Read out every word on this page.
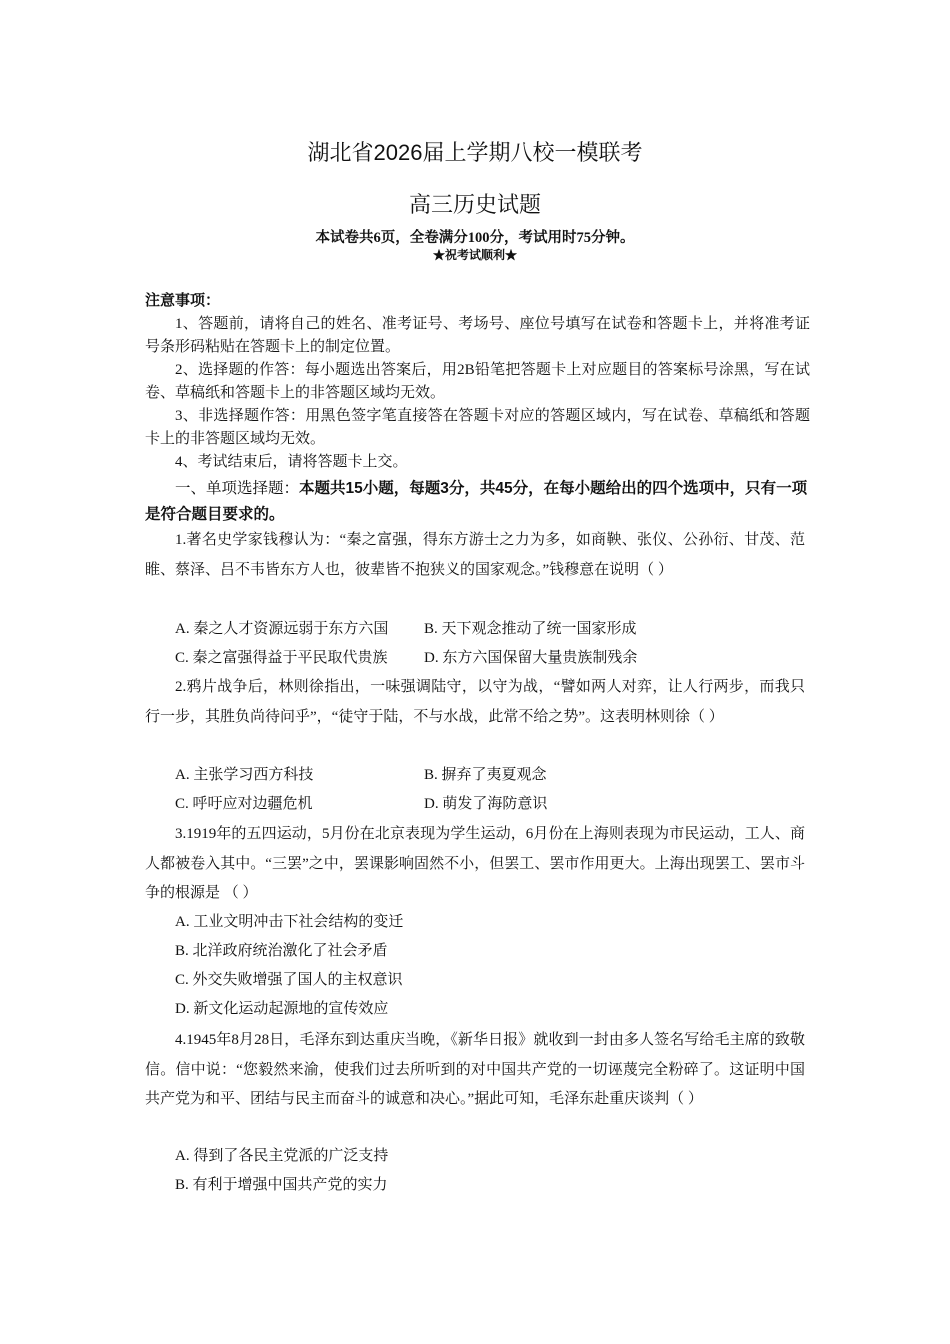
湖北省2026届上学期八校一模联考
高三历史试题
本试卷共6页，全卷满分100分，考试用时75分钟。
★祝考试顺利★
注意事项：

1、答题前，请将自己的姓名、准考证号、考场号、座位号填写在试卷和答题卡上，并将准考证号条形码粘贴在答题卡上的制定位置。

2、选择题的作答：每小题选出答案后，用2B铅笔把答题卡上对应题目的答案标号涂黑，写在试卷、草稿纸和答题卡上的非答题区域均无效。

3、非选择题作答：用黑色签字笔直接答在答题卡对应的答题区域内，写在试卷、草稿纸和答题卡上的非答题区域均无效。

4、考试结束后，请将答题卡上交。

一、单项选择题：本题共15小题，每题3分，共45分，在每小题给出的四个选项中，只有一项是符合题目要求的。

1.著名史学家钱穆认为：“秦之富强，得东方游士之力为多，如商鞅、张仪、公孙衍、甘茂、范睢、蔡泽、吕不韦皆东方人也，彼辈皆不抱狭义的国家观念。”钱穆意在说明（ ）

A. 秦之人才资源远弱于东方六国 B. 天下观念推动了统一国家形成
C. 秦之富强得益于平民取代贵族 D. 东方六国保留大量贵族制残余

2.鸦片战争后，林则徐指出，一味强调陆守，以守为战，“譬如两人对弈，让人行两步，而我只行一步，其胜负尚待问乎”，“徒守于陆，不与水战，此常不给之势”。这表明林则徐（ ）

A. 主张学习西方科技	B. 摒弃了夷夏观念
C. 呼吁应对边疆危机	D. 萌发了海防意识

3.1919年的五四运动，5月份在北京表现为学生运动，6月份在上海则表现为市民运动，工人、商人都被卷入其中。“三罢”之中，罢课影响固然不小，但罢工、罢市作用更大。上海出现罢工、罢市斗争的根源是 （ ）

A. 工业文明冲击下社会结构的变迁
B. 北洋政府统治激化了社会矛盾
C. 外交失败增强了国人的主权意识
D. 新文化运动起源地的宣传效应

4.1945年8月28日，毛泽东到达重庆当晚，《新华日报》就收到一封由多人签名写给毛主席的致敬信。信中说：“您毅然来渝，使我们过去所听到的对中国共产党的一切诬蔑完全粉碎了。这证明中国共产党为和平、团结与民主而奋斗的诚意和决心。”据此可知，毛泽东赴重庆谈判（ ）

A. 得到了各民主党派的广泛支持
B. 有利于增强中国共产党的实力
